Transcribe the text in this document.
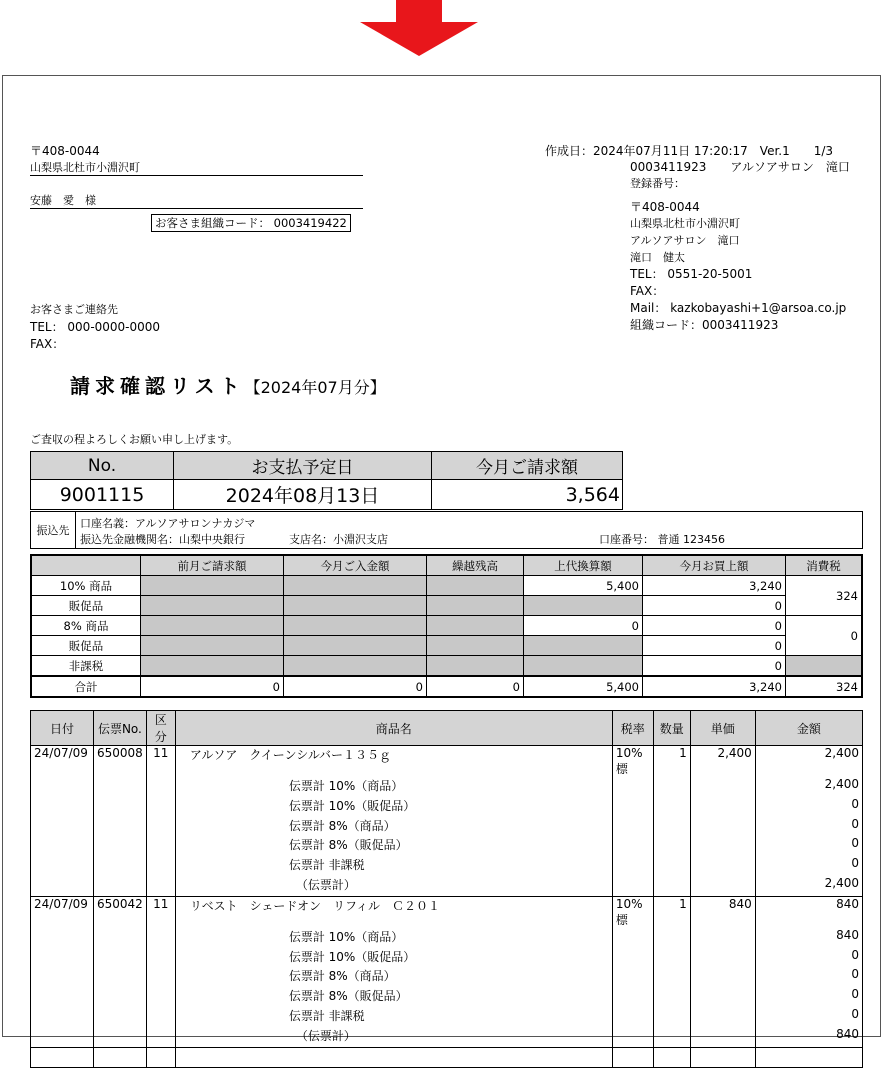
〒408-0044
山梨県北杜市小淵沢町
安藤　愛　様
お客さま組織コード： 0003419422
お客さまご連絡先
TEL： 000-0000-0000
FAX：
作成日：2024年07月11日 17:20:17　Ver.1　　1/3
0003411923　　アルソアサロン　滝口
登録番号：
〒408-0044
山梨県北杜市小淵沢町
アルソアサロン　滝口
滝口　健太
TEL： 0551-20-5001
FAX：
Mail： kazkobayashi+1@arsoa.co.jp
組織コード：0003411923
請求確認リスト【2024年07月分】
ご査収の程よろしくお願い申し上げます。
No.	お支払予定日	今月ご請求額
9001115	2024年08月13日	3,564
振込先
口座名義：アルソアサロンナカジマ
振込先金融機関名：山梨中央銀行	支店名：小淵沢支店	口座番号： 普通 123456
	前月ご請求額	今月ご入金額	繰越残高	上代換算額	今月お買上額	消費税
10% 商品				5,400	3,240	324
販促品					0	
8% 商品				0	0	0
販促品					0	
非課税					0	
合計	0	0	0	5,400	3,240	324
日付	伝票No.	区分	商品名	税率	数量	単価	金額
24/07/09	650008	11	アルソア　クイーンシルバー１３５ｇ	10%標	1	2,400	2,400
			伝票計 10%（商品）				2,400
			伝票計 10%（販促品）				0
			伝票計 8%（商品）				0
			伝票計 8%（販促品）				0
			伝票計 非課税				0
			（伝票計）				2,400
24/07/09	650042	11	リベスト　シェードオン　リフィル　Ｃ２０１	10%標	1	840	840
			伝票計 10%（商品）				840
			伝票計 10%（販促品）				0
			伝票計 8%（商品）				0
			伝票計 8%（販促品）				0
			伝票計 非課税				0
			（伝票計）				840
